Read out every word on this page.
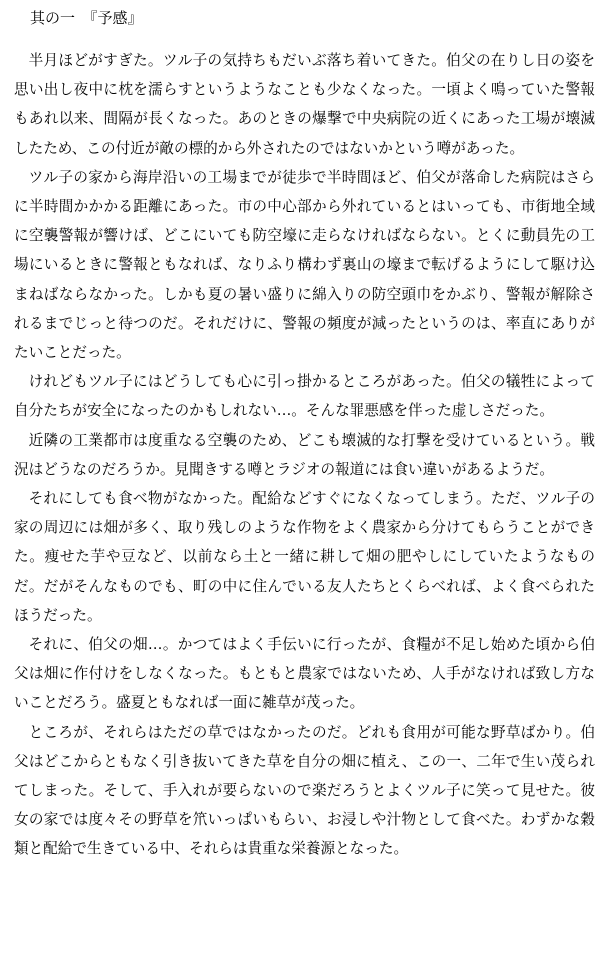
其の一　『予感』

半月ほどがすぎた。ツル子の気持ちもだいぶ落ち着いてきた。伯父の在りし日の姿を思い出し夜中に枕を濡らすというようなことも少なくなった。一頃よく鳴っていた警報もあれ以来、間隔が長くなった。あのときの爆撃で中央病院の近くにあった工場が壊滅したため、この付近が敵の標的から外されたのではないかという噂があった。

ツル子の家から海岸沿いの工場までが徒歩で半時間ほど、伯父が落命した病院はさらに半時間かかかる距離にあった。市の中心部から外れているとはいっても、市街地全域に空襲警報が響けば、どこにいても防空壕に走らなければならない。とくに動員先の工場にいるときに警報ともなれば、なりふり構わず裏山の壕まで転げるようにして駆け込まねばならなかった。しかも夏の暑い盛りに綿入りの防空頭巾をかぶり、警報が解除されるまでじっと待つのだ。それだけに、警報の頻度が減ったというのは、率直にありがたいことだった。

けれどもツル子にはどうしても心に引っ掛かるところがあった。伯父の犠牲によって自分たちが安全になったのかもしれない…。そんな罪悪感を伴った虚しさだった。

近隣の工業都市は度重なる空襲のため、どこも壊滅的な打撃を受けているという。戦況はどうなのだろうか。見聞きする噂とラジオの報道には食い違いがあるようだ。

それにしても食べ物がなかった。配給などすぐになくなってしまう。ただ、ツル子の家の周辺には畑が多く、取り残しのような作物をよく農家から分けてもらうことができた。痩せた芋や豆など、以前なら土と一緒に耕して畑の肥やしにしていたようなものだ。だがそんなものでも、町の中に住んでいる友人たちとくらべれば、よく食べられたほうだった。

それに、伯父の畑…。かつてはよく手伝いに行ったが、食糧が不足し始めた頃から伯父は畑に作付けをしなくなった。もともと農家ではないため、人手がなければ致し方ないことだろう。盛夏ともなれば一面に雑草が茂った。

ところが、それらはただの草ではなかったのだ。どれも食用が可能な野草ばかり。伯父はどこからともなく引き抜いてきた草を自分の畑に植え、この一、二年で生い茂られてしまった。そして、手入れが要らないので楽だろうとよくツル子に笑って見せた。彼女の家では度々その野草を笊いっぱいもらい、お浸しや汁物として食べた。わずかな穀類と配給で生きている中、それらは貴重な栄養源となった。
